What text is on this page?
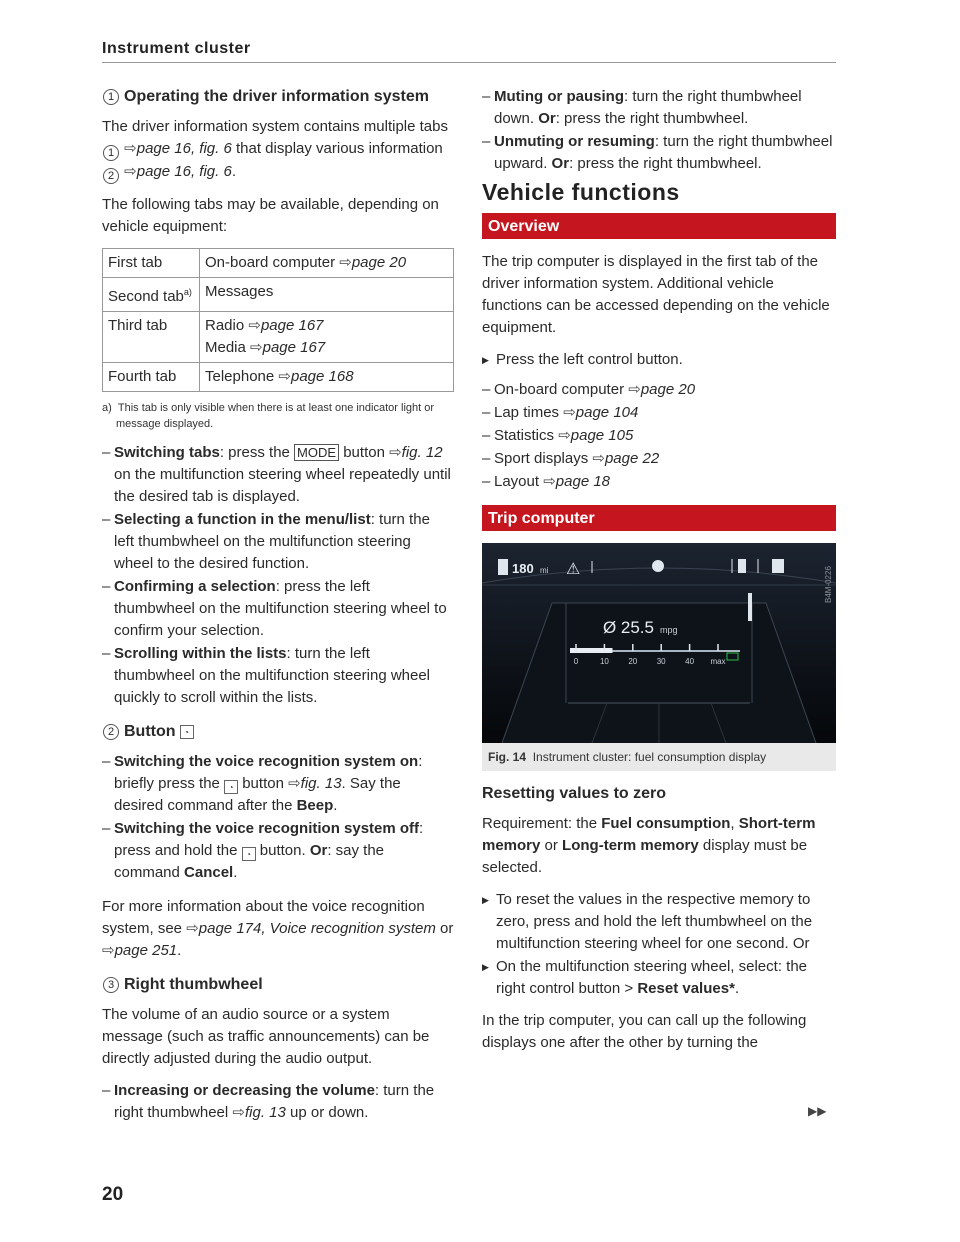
Instrument cluster
1 Operating the driver information system

The driver information system contains multiple tabs 1 ⇨page 16, fig. 6 that display various information 2 ⇨page 16, fig. 6.

The following tabs may be available, depending on vehicle equipment:

First tab	On-board computer ⇨page 20

Second tab$^{a)}$	Messages

Third tab	Radio ⇨page 167
Media ⇨page 167

Fourth tab	Telephone ⇨page 168
a) This tab is only visible when there is at least one indicator light or message displayed.
– Switching tabs: press the MODE button ⇨fig. 12 on the multifunction steering wheel repeatedly until the desired tab is displayed.
– Selecting a function in the menu/list: turn the left thumbwheel on the multifunction steering wheel to the desired function.
– Confirming a selection: press the left thumbwheel on the multifunction steering wheel to confirm your selection.
– Scrolling within the lists: turn the left thumbwheel on the multifunction steering wheel quickly to scroll within the lists.
2 Button	◔
– Switching the voice recognition system on: briefly press the ◔ button ⇨fig. 13. Say the desired command after the Beep.
– Switching the voice recognition system off: press and hold the ◔ button. Or: say the command Cancel.

For more information about the voice recognition system, see ⇨page 174, Voice recognition system or ⇨page 251.

3 Right thumbwheel

The volume of an audio source or a system message (such as traffic announcements) can be directly adjusted during the audio output.

– Increasing or decreasing the volume: turn the right thumbwheel ⇨fig. 13 up or down.
– Muting or pausing: turn the right thumbwheel down. Or: press the right thumbwheel.
– Unmuting or resuming: turn the right thumbwheel upward. Or: press the right thumbwheel.
Vehicle functions
Overview

The trip computer is displayed in the first tab of the driver information system. Additional vehicle functions can be accessed depending on the vehicle equipment.

▶ Press the left control button.
– On-board computer ⇨page 20
– Lap times ⇨page 104
– Statistics ⇨page 105
– Sport displays ⇨page 22
– Layout ⇨page 18
Trip computer
0	10 20 30 40 max
Ø 25.5 mpg
180 mi ⚠	B4M-0226
Fig. 14 Instrument cluster: fuel consumption display
Resetting values to zero

Requirement: the Fuel consumption, Short-term memory or Long-term memory display must be selected.

▶ To reset the values in the respective memory to zero, press and hold the left thumbwheel on the multifunction steering wheel for one second. Or
▶ On the multifunction steering wheel, select: the right control button > Reset values*.

In the trip computer, you can call up the following displays one after the other by turning the

▶▶
20
